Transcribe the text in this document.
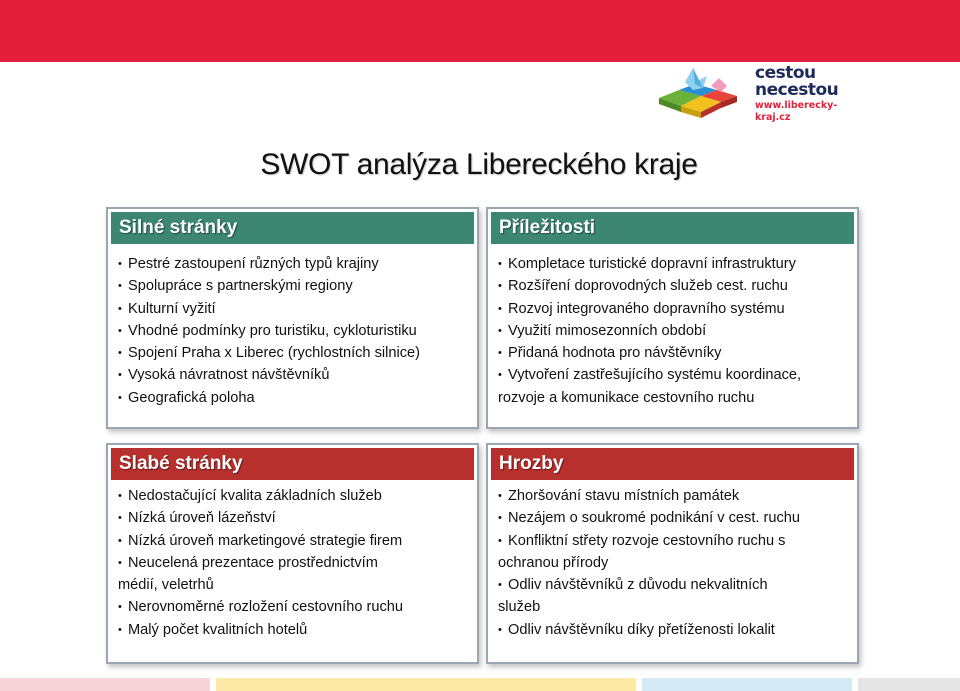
cestou
necestou
www.liberecky-kraj.cz
SWOT analýza Libereckého kraje
Silné stránky
• Pestré zastoupení různých typů krajiny
• Spolupráce s partnerskými regiony
• Kulturní vyžití
• Vhodné podmínky pro turistiku, cykloturistiku
• Spojení Praha x Liberec (rychlostních silnice)
• Vysoká návratnost návštěvníků
• Geografická poloha
Příležitosti
• Kompletace turistické dopravní infrastruktury
• Rozšíření doprovodných služeb cest. ruchu
• Rozvoj integrovaného dopravního systému
• Využití mimosezonních období
• Přidaná hodnota pro návštěvníky
• Vytvoření zastřešujícího systému koordinace,
rozvoje a komunikace cestovního ruchu
Slabé stránky
• Nedostačující kvalita základních služeb
• Nízká úroveň lázeňství
• Nízká úroveň marketingové strategie firem
• Neucelená prezentace prostřednictvím
médií, veletrhů
• Nerovnoměrné rozložení cestovního ruchu
• Malý počet kvalitních hotelů
Hrozby
• Zhoršování stavu místních památek
• Nezájem o soukromé podnikání v cest. ruchu
• Konfliktní střety rozvoje cestovního ruchu s
ochranou přírody
• Odliv návštěvníků z důvodu nekvalitních
služeb
• Odliv návštěvníku díky přetíženosti lokalit
